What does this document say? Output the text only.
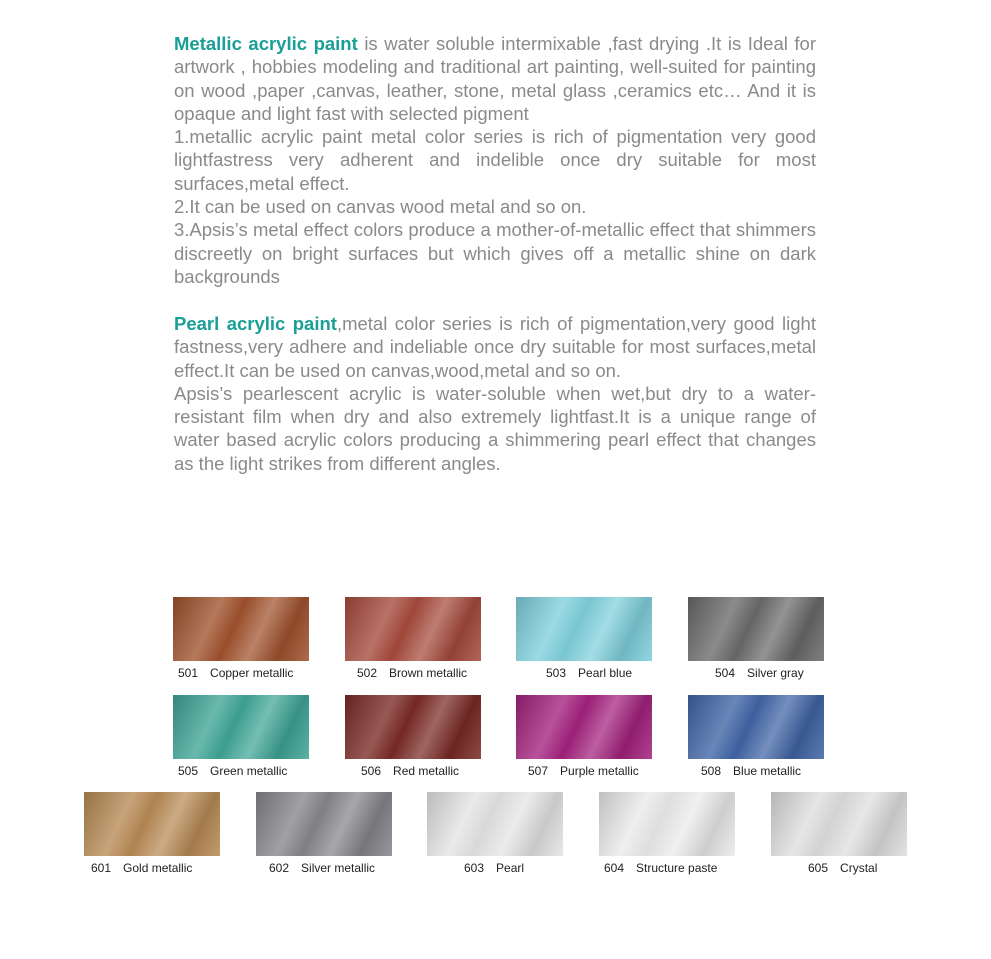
Metallic acrylic paint is water soluble intermixable ,fast drying .It is Ideal for artwork , hobbies modeling and traditional art painting, well-suited for painting on wood ,paper ,canvas, leather, stone, metal glass ,ceramics etc… And it is opaque and light fast with selected pigment

1.metallic acrylic paint metal color series is rich of pigmentation very good lightfastress very adherent and indelible once dry suitable for most surfaces,metal effect.

2.It can be used on canvas wood metal and so on.

3.Apsis’s metal effect colors produce a mother-of-metallic effect that shimmers discreetly on bright surfaces but which gives off a metallic shine on dark backgrounds

Pearl acrylic paint,metal color series is rich of pigmentation,very good light fastness,very adhere and indeliable once dry suitable for most surfaces,metal effect.It can be used on canvas,wood,metal and so on.

Apsis’s pearlescent acrylic is water-soluble when wet,but dry to a water-resistant film when dry and also extremely lightfast.It is a unique range of water based acrylic colors producing a shimmering pearl effect that changes as the light strikes from different angles.

501 Copper metallic	502 Brown metallic	503 Pearl blue	504 Silver gray
505 Green metallic	506 Red metallic	507 Purple metallic	508 Blue metallic
601 Gold metallic	602 Silver metallic	603 Pearl	604 Structure paste	605 Crystal
